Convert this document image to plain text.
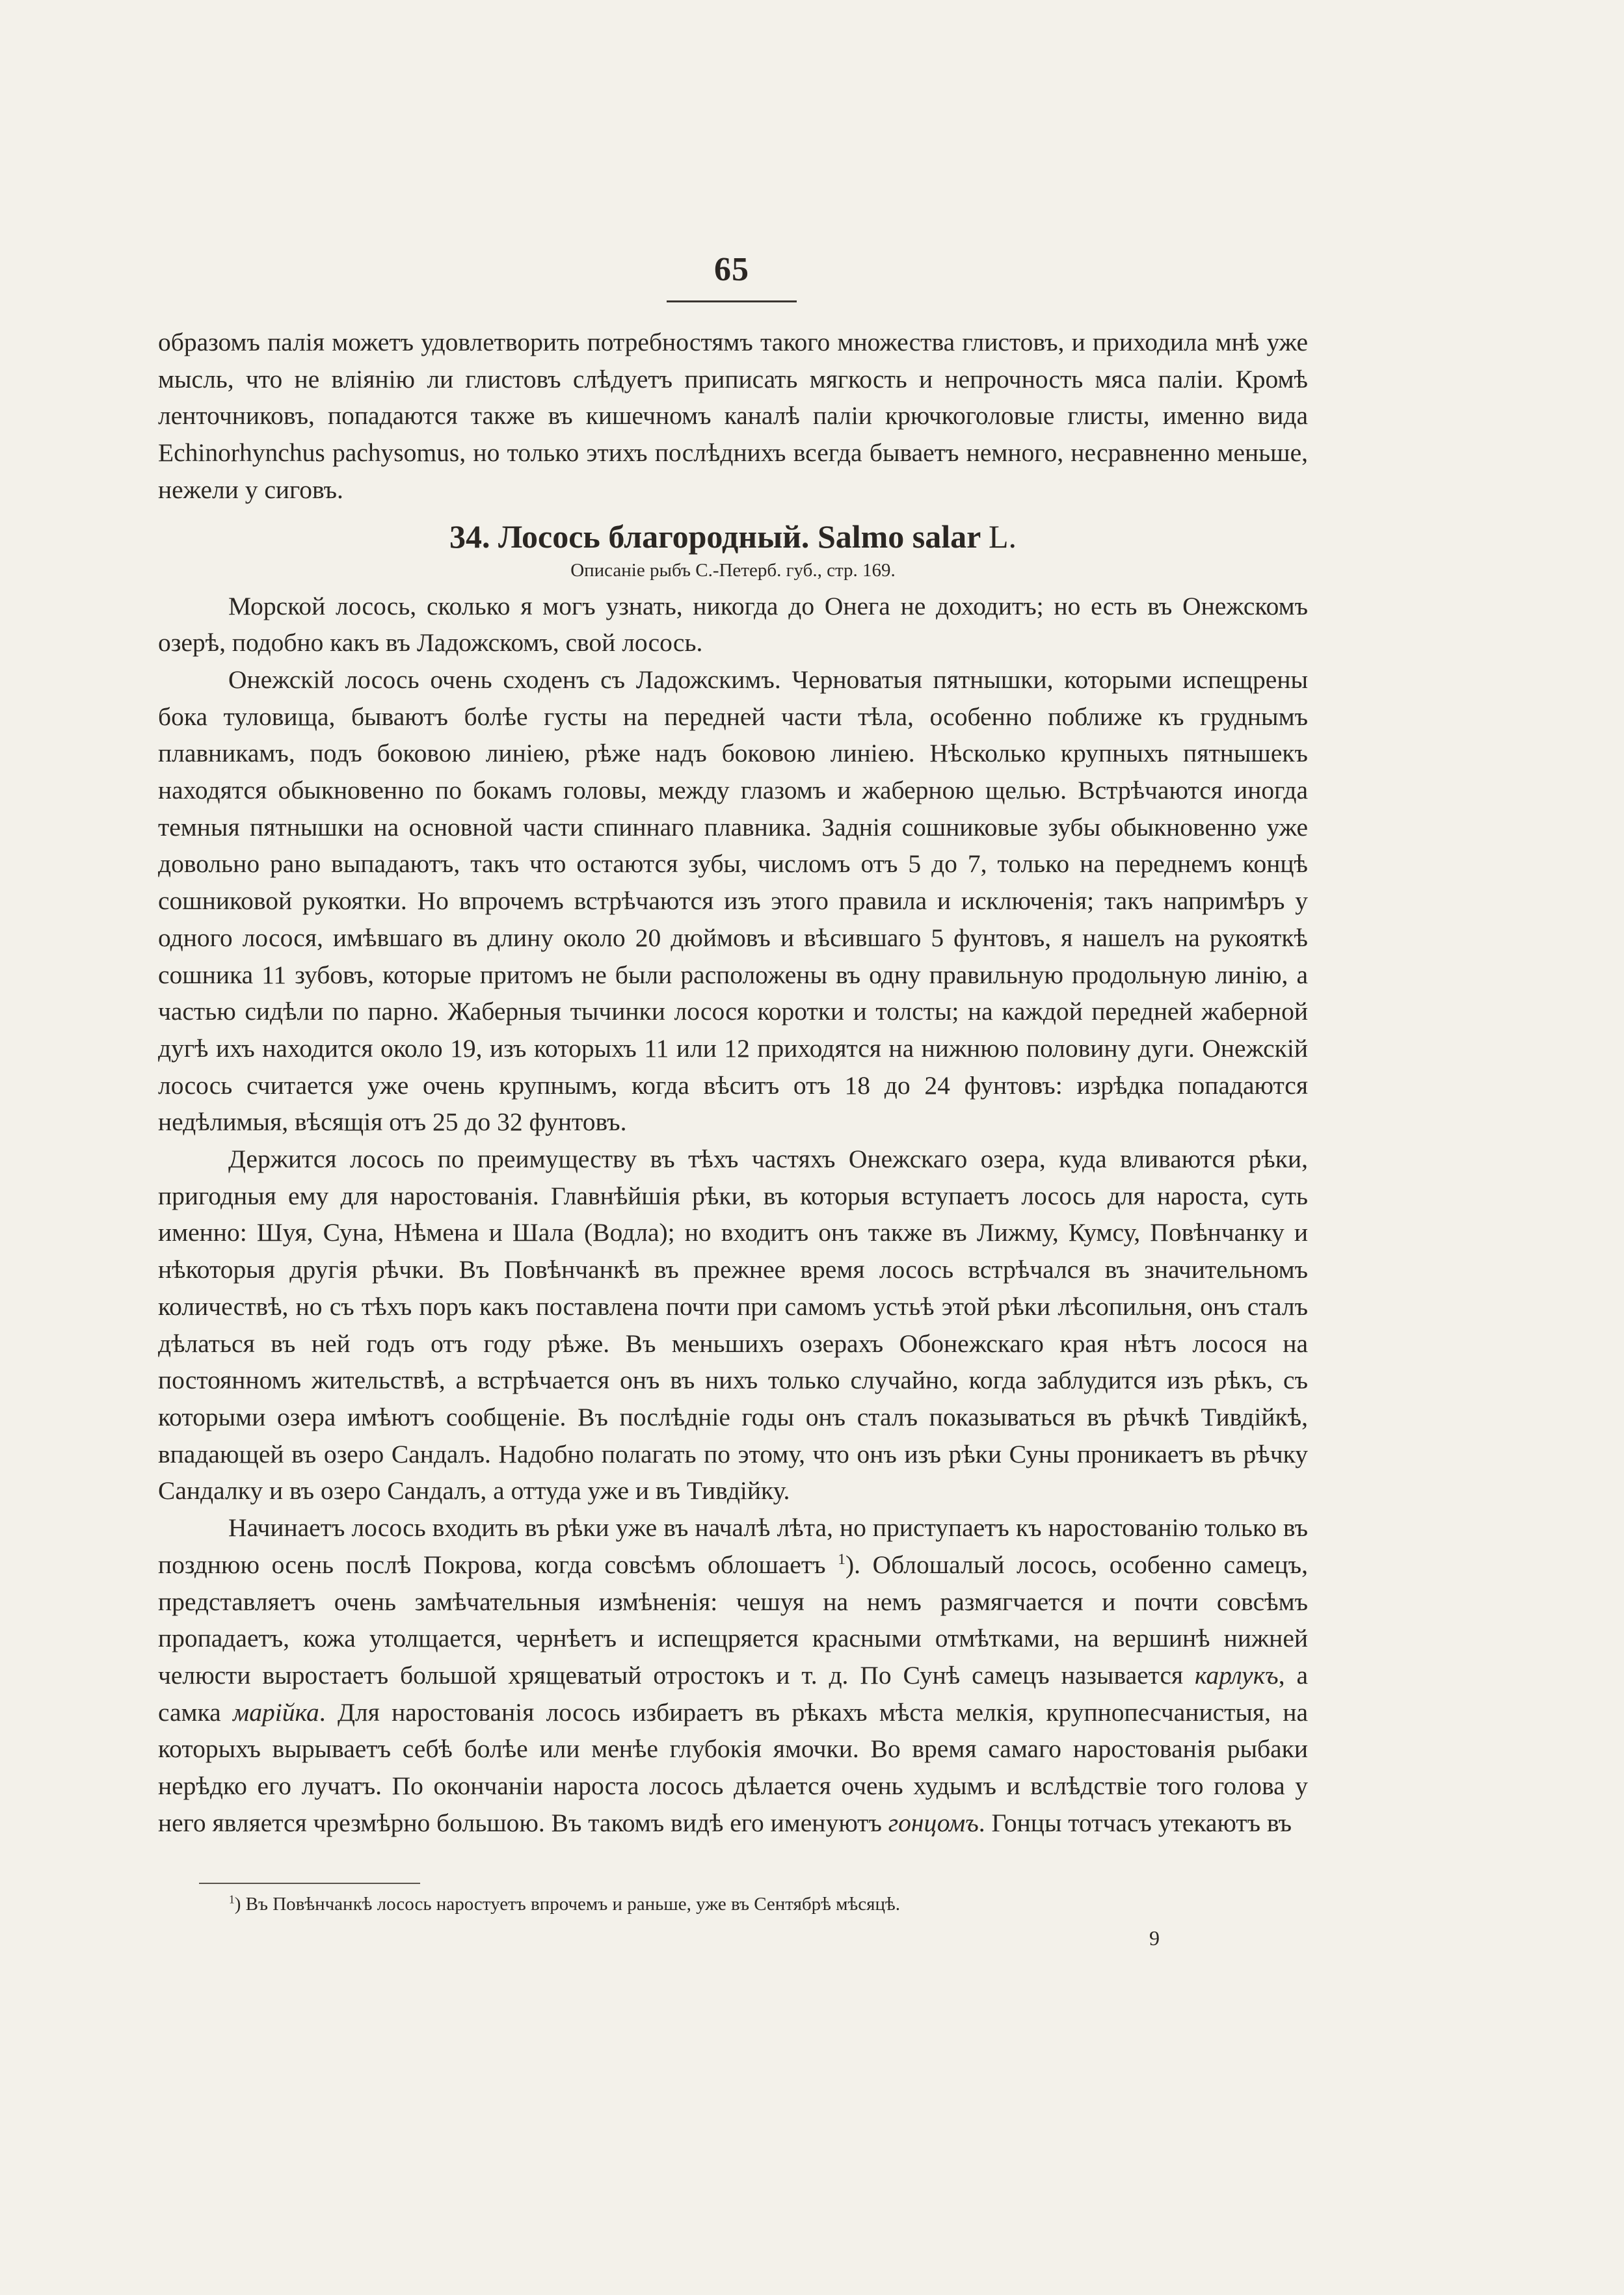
65

образомъ палія можетъ удовлетворить потребностямъ такого множества глистовъ, и приходила мнѣ уже мысль, что не вліянію ли глистовъ слѣдуетъ приписать мягкость и непрочность мяса паліи. Кромѣ ленточниковъ, попадаются также въ кишечномъ каналѣ паліи крючкоголовые глисты, именно вида Echinorhynchus pachysomus, но только этихъ послѣднихъ всегда бываетъ немного, несравненно меньше, нежели у сиговъ.

34. Лосось благородный. Salmo salar L.
Описаніе рыбъ С.-Петерб. губ., стр. 169.

Морской лосось, сколько я могъ узнать, никогда до Онега не доходитъ; но есть въ Онежскомъ озерѣ, подобно какъ въ Ладожскомъ, свой лосось.

Онежскій лосось очень сходенъ съ Ладожскимъ. Черноватыя пятнышки, которыми испещрены бока туловища, бываютъ болѣе густы на передней части тѣла, особенно поближе къ груднымъ плавникамъ, подъ боковою линіею, рѣже надъ боковою линіею. Нѣсколько крупныхъ пятнышекъ находятся обыкновенно по бокамъ головы, между глазомъ и жаберною щелью. Встрѣчаются иногда темныя пятнышки на основной части спиннаго плавника. Заднія сошниковые зубы обыкновенно уже довольно рано выпадаютъ, такъ что остаются зубы, числомъ отъ 5 до 7, только на переднемъ концѣ сошниковой рукоятки. Но впрочемъ встрѣчаются изъ этого правила и исключенія; такъ напримѣръ у одного лосося, имѣвшаго въ длину около 20 дюймовъ и вѣсившаго 5 фунтовъ, я нашелъ на рукояткѣ сошника 11 зубовъ, которые притомъ не были расположены въ одну правильную продольную линію, а частью сидѣли по парно. Жаберныя тычинки лосося коротки и толсты; на каждой передней жаберной дугѣ ихъ находится около 19, изъ которыхъ 11 или 12 приходятся на нижнюю половину дуги. Онежскій лосось считается уже очень крупнымъ, когда вѣситъ отъ 18 до 24 фунтовъ: изрѣдка попадаются недѣлимыя, вѣсящія отъ 25 до 32 фунтовъ.

Держится лосось по преимуществу въ тѣхъ частяхъ Онежскаго озера, куда вливаются рѣки, пригодныя ему для наростованія. Главнѣйшія рѣки, въ которыя вступаетъ лосось для нароста, суть именно: Шуя, Суна, Нѣмена и Шала (Водла); но входитъ онъ также въ Лижму, Кумсу, Повѣнчанку и нѣкоторыя другія рѣчки. Въ Повѣнчанкѣ въ прежнее время лосось встрѣчался въ значительномъ количествѣ, но съ тѣхъ поръ какъ поставлена почти при самомъ устьѣ этой рѣки лѣсопильня, онъ сталъ дѣлаться въ ней годъ отъ году рѣже. Въ меньшихъ озерахъ Обонежскаго края нѣтъ лосося на постоянномъ жительствѣ, а встрѣчается онъ въ нихъ только случайно, когда заблудится изъ рѣкъ, съ которыми озера имѣютъ сообщеніе. Въ послѣдніе годы онъ сталъ показываться въ рѣчкѣ Тивдійкѣ, впадающей въ озеро Сандалъ. Надобно полагать по этому, что онъ изъ рѣки Суны проникаетъ въ рѣчку Сандалку и въ озеро Сандалъ, а оттуда уже и въ Тивдійку.

Начинаетъ лосось входить въ рѣки уже въ началѣ лѣта, но приступаетъ къ наростованію только въ позднюю осень послѣ Покрова, когда совсѣмъ облошаетъ $^1$). Облошалый лосось, особенно самецъ, представляетъ очень замѣчательныя измѣненія: чешуя на немъ размягчается и почти совсѣмъ пропадаетъ, кожа утолщается, чернѣетъ и испещряется красными отмѣтками, на вершинѣ нижней челюсти выростаетъ большой хрящеватый отростокъ и т. д. По Сунѣ самецъ называется карлукъ, а самка марійка. Для наростованія лосось избираетъ въ рѣкахъ мѣста мелкія, крупнопесчанистыя, на которыхъ вырываетъ себѣ болѣе или менѣе глубокія ямочки. Во время самаго наростованія рыбаки нерѣдко его лучатъ. По окончаніи нароста лосось дѣлается очень худымъ и вслѣдствіе того голова у него является чрезмѣрно большою. Въ такомъ видѣ его именуютъ гонцомъ. Гонцы тотчасъ утекаютъ въ

$^1$) Въ Повѣнчанкѣ лосось наростуетъ впрочемъ и раньше, уже въ Сентябрѣ мѣсяцѣ.
9
